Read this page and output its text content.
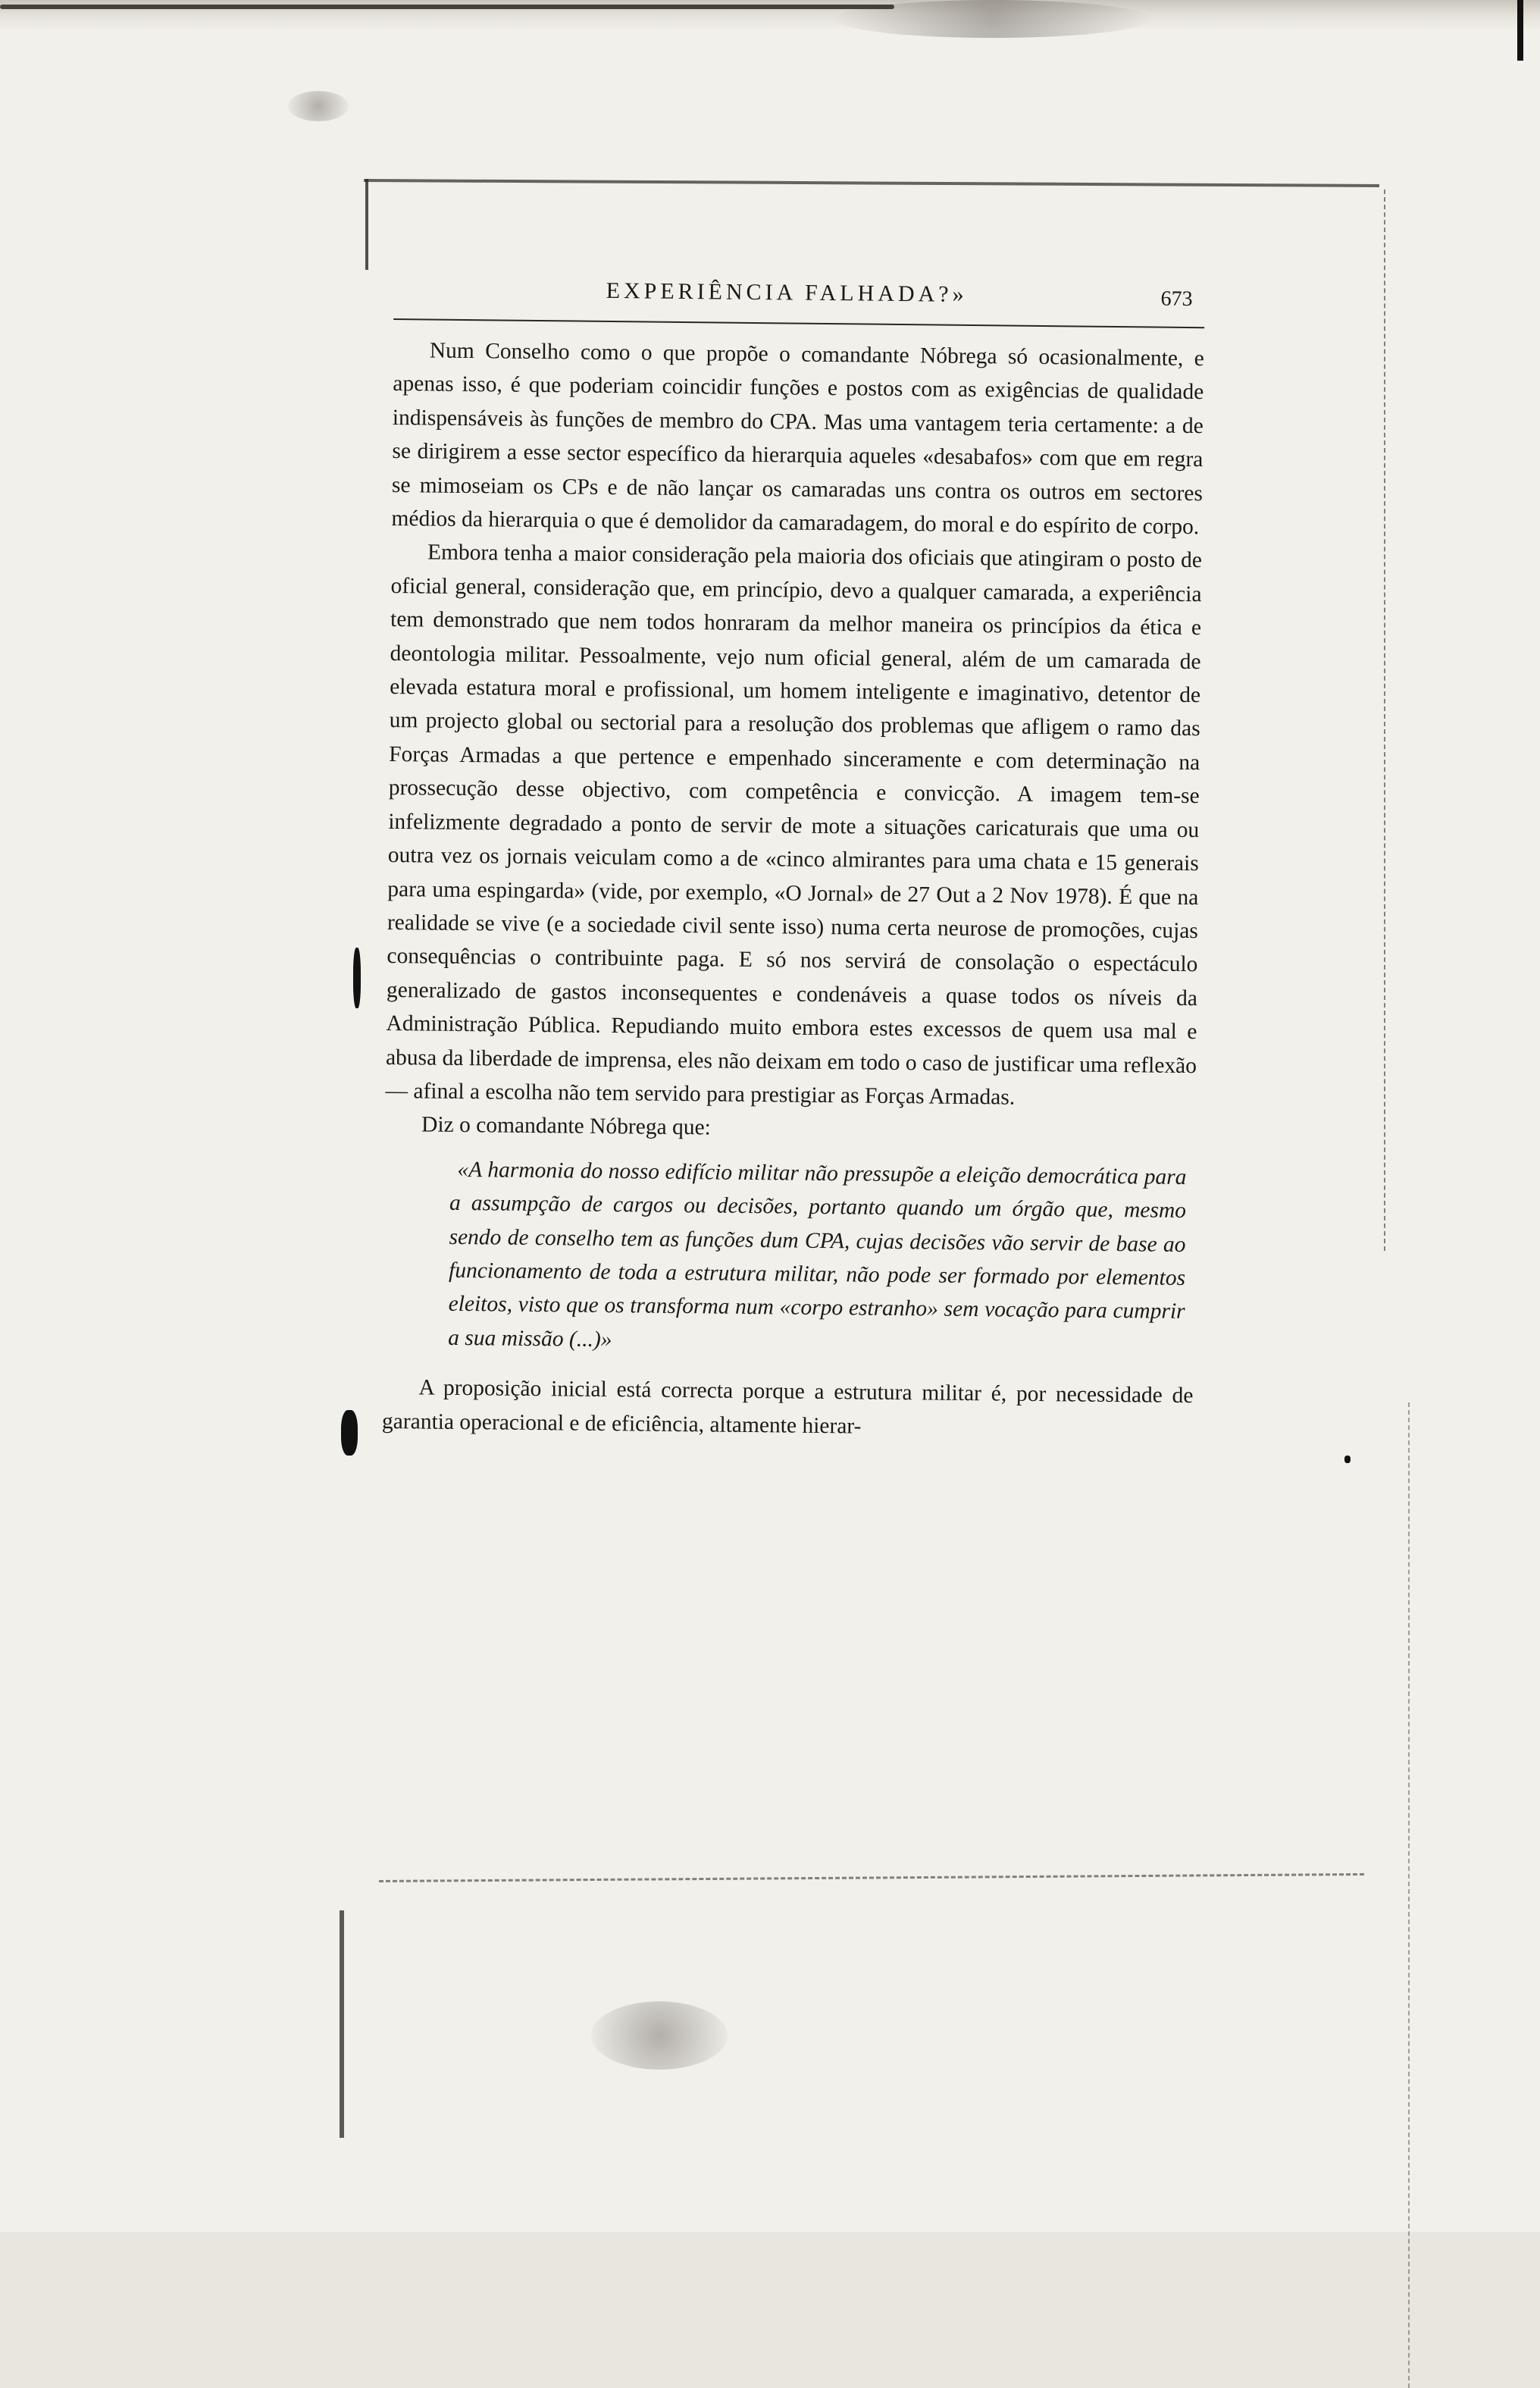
EXPERIÊNCIA FALHADA?»	673

Num Conselho como o que propõe o comandante Nóbrega só ocasionalmente, e apenas isso, é que poderiam coincidir funções e postos com as exigências de qualidade indispensáveis às funções de membro do CPA. Mas uma vantagem teria certamente: a de se dirigirem a esse sector específico da hierarquia aqueles «desabafos» com que em regra se mimoseiam os CPs e de não lançar os camaradas uns contra os outros em sectores médios da hierarquia o que é demolidor da camaradagem, do moral e do espírito de corpo.

Embora tenha a maior consideração pela maioria dos oficiais que atingiram o posto de oficial general, consideração que, em princípio, devo a qualquer camarada, a experiência tem demonstrado que nem todos honraram da melhor maneira os princípios da ética e deontologia militar. Pessoalmente, vejo num oficial general, além de um camarada de elevada estatura moral e profissional, um homem inteligente e imaginativo, detentor de um projecto global ou sectorial para a resolução dos problemas que afligem o ramo das Forças Armadas a que pertence e empenhado sinceramente e com determinação na prossecução desse objectivo, com competência e convicção. A imagem tem-se infelizmente degradado a ponto de servir de mote a situações caricaturais que uma ou outra vez os jornais veiculam como a de «cinco almirantes para uma chata e 15 generais para uma espingarda» (vide, por exemplo, «O Jornal» de 27 Out a 2 Nov 1978). É que na realidade se vive (e a sociedade civil sente isso) numa certa neurose de promoções, cujas consequências o contribuinte paga. E só nos servirá de consolação o espectáculo generalizado de gastos inconsequentes e condenáveis a quase todos os níveis da Administração Pública. Repudiando muito embora estes excessos de quem usa mal e abusa da liberdade de imprensa, eles não deixam em todo o caso de justificar uma reflexão — afinal a escolha não tem servido para prestigiar as Forças Armadas.

Diz o comandante Nóbrega que:

«A harmonia do nosso edifício militar não pressupõe a eleição democrática para a assumpção de cargos ou decisões, portanto quando um órgão que, mesmo sendo de conselho tem as funções dum CPA, cujas decisões vão servir de base ao funcionamento de toda a estrutura militar, não pode ser formado por elementos eleitos, visto que os transforma num «corpo estranho» sem vocação para cumprir a sua missão (...)»

A proposição inicial está correcta porque a estrutura militar é, por necessidade de garantia operacional e de eficiência, altamente hierar-
